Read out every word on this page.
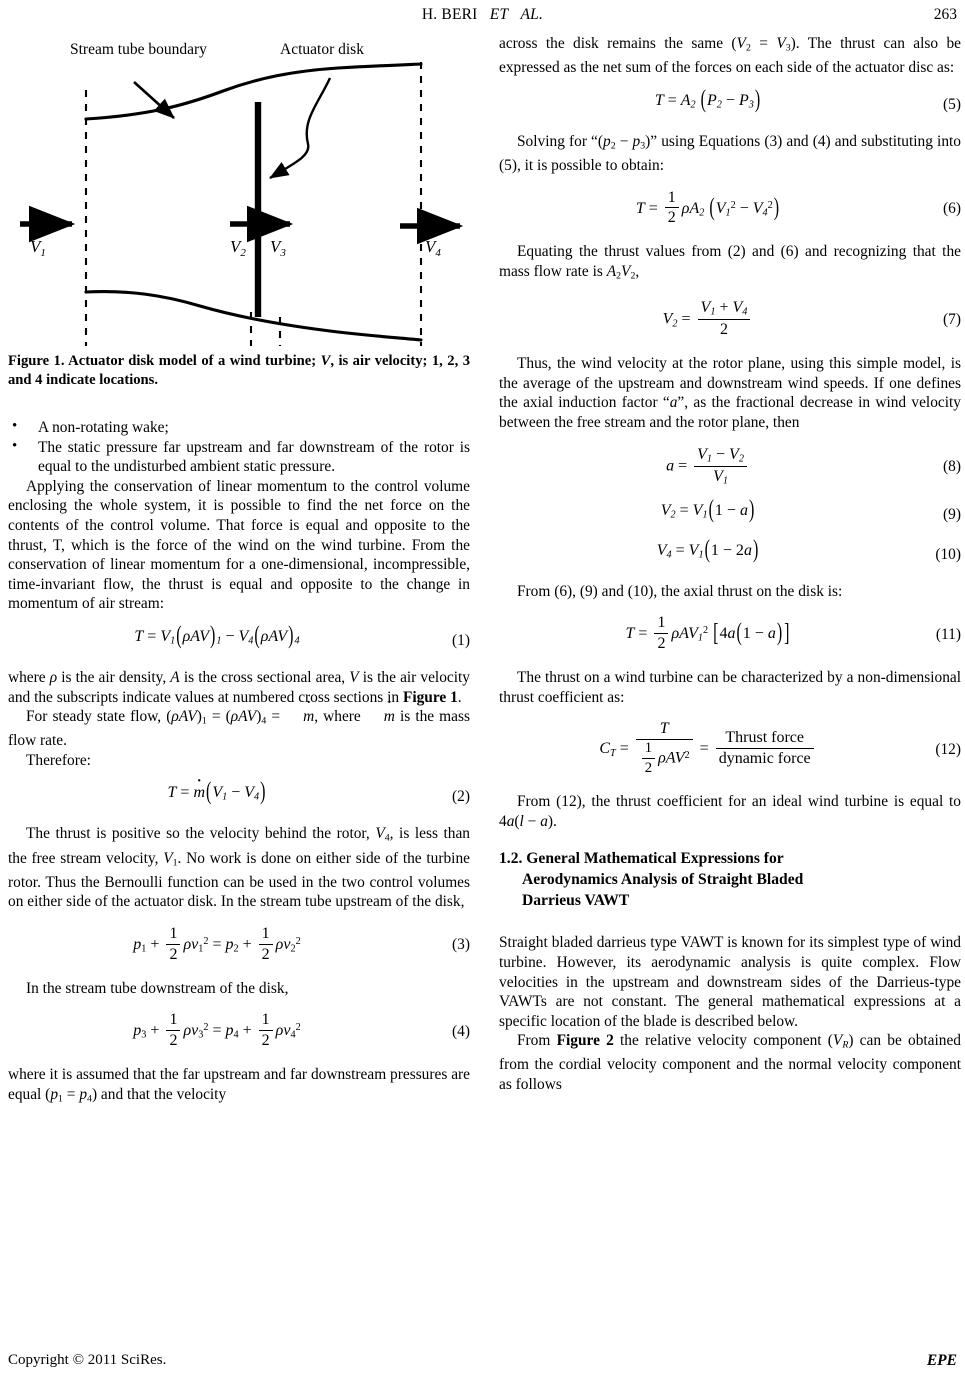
H. BERI ET AL.	263
$V_1$	$V_2$ $V_3$	$V_4$
Stream tube boundary	Actuator disk

Figure 1. Actuator disk model of a wind turbine; V, is air velocity; 1, 2, 3 and 4 indicate locations.

• A non-rotating wake;
• The static pressure far upstream and far downstream of the rotor is equal to the undisturbed ambient static pressure.

Applying the conservation of linear momentum to the control volume enclosing the whole system, it is possible to find the net force on the contents of the control volume. That force is equal and opposite to the thrust, T, which is the force of the wind on the wind turbine. From the conservation of linear momentum for a one-dimensional, incompressible, time-invariant flow, the thrust is equal and opposite to the change in momentum of air stream:

T = V1(ρAV)1 − V4(ρAV)4	(1)

where ρ is the air density, A is the cross sectional area, V is the air velocity and the subscripts indicate values at numbered cross sections in Figure 1.

For steady state flow, $(\rho AV)_1 = (\rho AV)_4 = m$ ·, where m · is the mass flow rate.

Therefore:

T = m ·(V1 − V4)	(2)

The thrust is positive so the velocity behind the rotor, $V_4$, is less than the free stream velocity, $V_1$. No work is done on either side of the turbine rotor. Thus the Bernoulli function can be used in the two control volumes on either side of the actuator disk. In the stream tube upstream of the disk,

$p_1 + \frac{1}{2} \rho v_1^2 = p_2 + \frac{1}{2} \rho v_2^2$	(3)

In the stream tube downstream of the disk,

$p_3 + \frac{1}{2} \rho v_3^2 = p_4 + \frac{1}{2} \rho v_4^2$	(4)

where it is assumed that the far upstream and far downstream pressures are equal $(p_1 = p_4)$ and that the velocity

across the disk remains the same $(V_2 = V_3)$. The thrust can also be expressed as the net sum of the forces on each side of the actuator disc as:

T = A2 (P2 − P3)	(5)

Solving for “$(p_2 - p_3)$” using Equations (3) and (4) and substituting into (5), it is possible to obtain:

$T = \frac{1}{2} \rho A2$ $(V1^2 - V4^2)$	(6)

Equating the thrust values from (2) and (6) and recognizing that the mass flow rate is $A_2V_2$,

$V2 = \frac{V1 + V4}{2}$	(7)

Thus, the wind velocity at the rotor plane, using this simple model, is the average of the upstream and downstream wind speeds. If one defines the axial induction factor “a”, as the fractional decrease in wind velocity between the free stream and the rotor plane, then

$a = \frac{V1 - V2}{V1}$	(8)
V2 = V1(1 − a)	(9)
V4 = V1(1 − 2a)	(10)

From (6), (9) and (10), the axial thrust on the disk is:

$T = \frac{1}{2} \rho AV1^2$ [4a(1 − a) ]	(11)

The thrust on a wind turbine can be characterized by a non-dimensional thrust coefficient as:

CT = $\frac{T}{\frac{1}{2} \rho AV^2} = \frac{\text{Thrust force}}{\text{dynamic force}}$	(12)

From (12), the thrust coefficient for an ideal wind turbine is equal to 4a(l − a).

1.2. General Mathematical Expressions for
Aerodynamics Analysis of Straight Bladed
Darrieus VAWT

Straight bladed darrieus type VAWT is known for its simplest type of wind turbine. However, its aerodynamic analysis is quite complex. Flow velocities in the upstream and downstream sides of the Darrieus-type VAWTs are not constant. The general mathematical expressions at a specific location of the blade is described below.

From Figure 2 the relative velocity component (VR) can be obtained from the cordial velocity component and the normal velocity component as follows

Copyright © 2011 SciRes.	EPE
